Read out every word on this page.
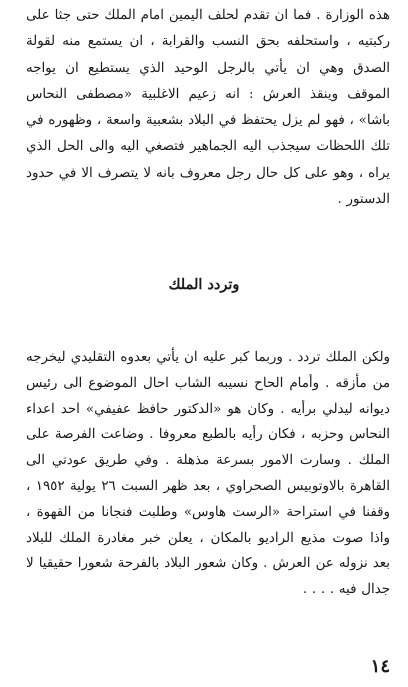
هذه الوزارة . فما ان تقدم لحلف اليمين امام الملك حتى جثا على ركبتيه ، واستحلفه بحق النسب والقرابة ، ان يستمع منه لقولة الصدق وهي ان يأتي بالرجل الوحيد الذي يستطيع ان يواجه الموقف وينقذ العرش : انه زعيم الاغلبية «مصطفى النحاس باشا» ، فهو لم يزل يحتفظ في البلاد بشعبية واسعة ، وظهوره في تلك اللحظات سيجذب اليه الجماهير فتصغي اليه والى الحل الذي يراه ، وهو على كل حال رجل معروف بانه لا يتصرف الا في حدود الدستور .

وتردد الملك

ولكن الملك تردد . وربما كبر عليه ان يأتي بعدوه التقليدي ليخرجه من مأزقه . وأمام الحاح نسيبه الشاب احال الموضوع الى رئيس ديوانه ليدلي برأيه . وكان هو «الدكتور حافظ عفيفي» احد اعداء النحاس وحزبه ، فكان رأيه بالطبع معروفا . وضاعت الفرصة على الملك . وسارت الامور بسرعة مذهلة . وفي طريق عودتي الى القاهرة بالاوتوبيس الصحراوي ، بعد ظهر السبت ٢٦ يولية ١٩٥٢ ، وقفنا في استراحة «الرست هاوس» وطلبت فنجانا من القهوة ، واذا صوت مذيع الراديو بالمكان ، يعلن خبر مغادرة الملك للبلاد بعد نزوله عن العرش . وكان شعور البلاد بالفرحة شعورا حقيقيا لا جدال فيه . . . .

١٤
